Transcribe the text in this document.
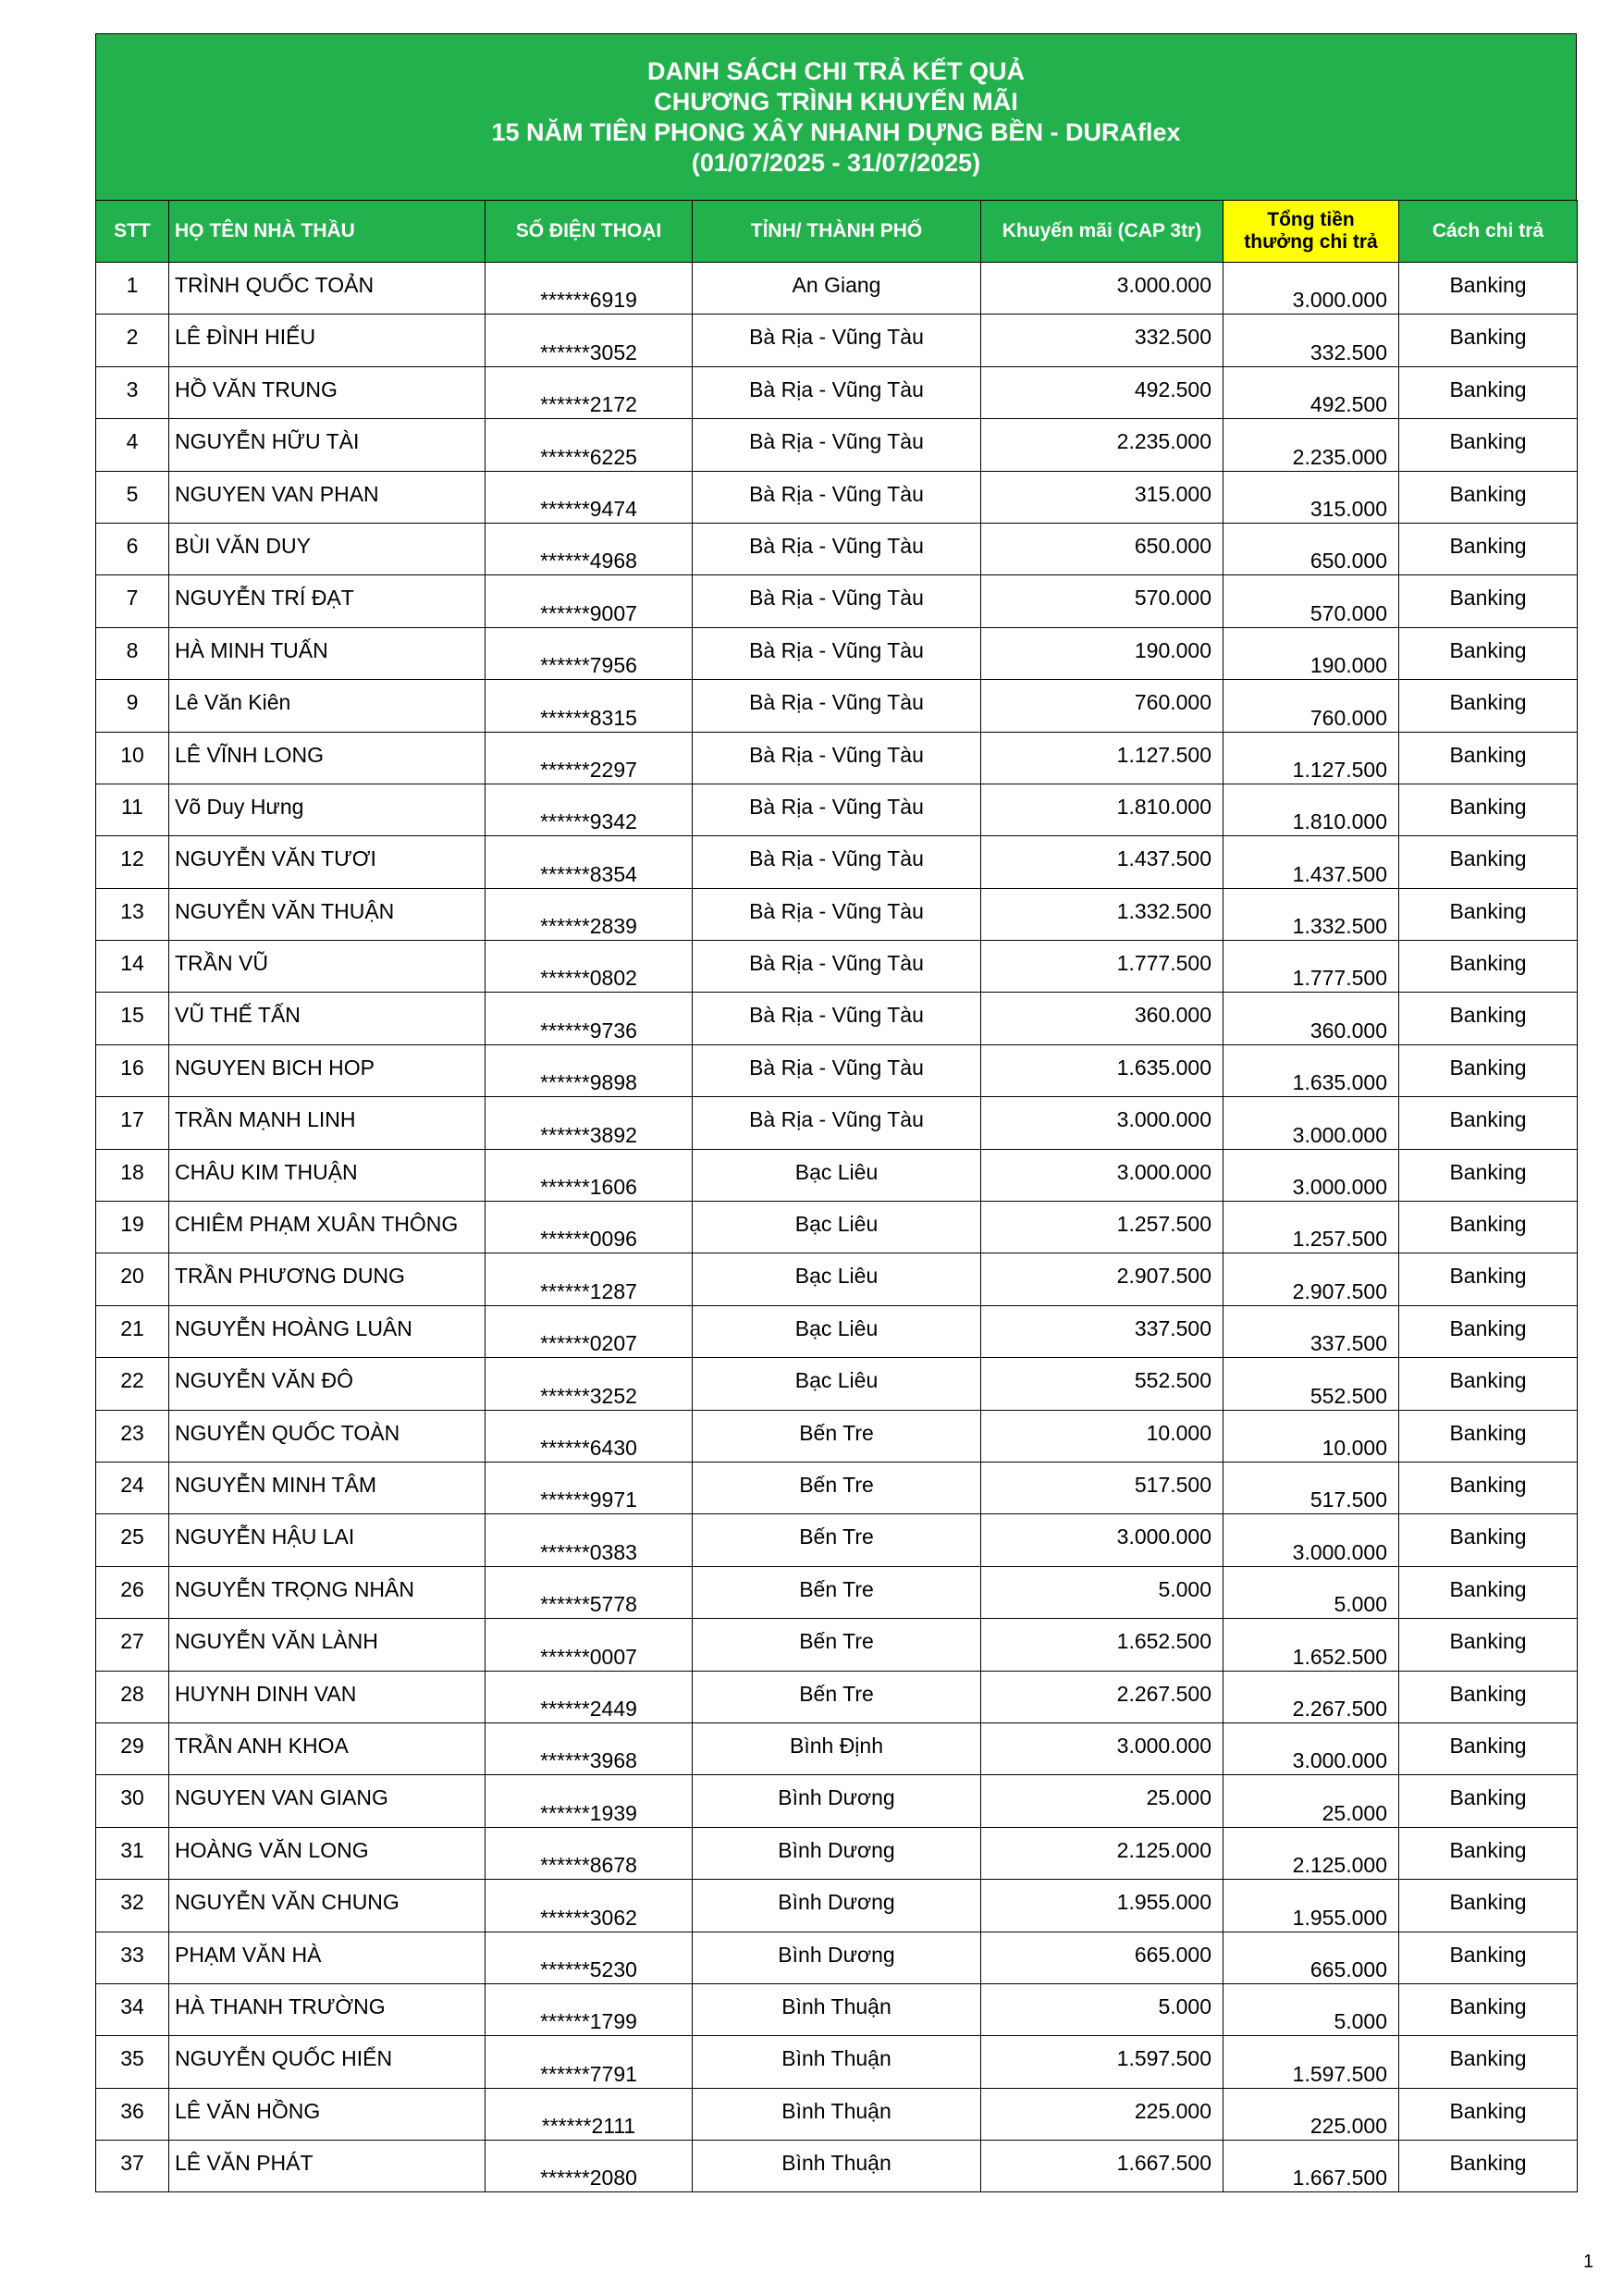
DANH SÁCH CHI TRẢ KẾT QUẢ
CHƯƠNG TRÌNH KHUYẾN MÃI
15 NĂM TIÊN PHONG XÂY NHANH DỰNG BỀN - DURAflex
(01/07/2025 - 31/07/2025)
STT	HỌ TÊN NHÀ THẦU	SỐ ĐIỆN THOẠI	TỈNH/ THÀNH PHỐ	Khuyến mãi (CAP 3tr)	Tổng tiền
thưởng chi trả	Cách chi trả
1	TRÌNH QUỐC TOẢN	******6919	An Giang	3.000.000	3.000.000	Banking
2	LÊ ĐÌNH HIẾU	******3052	Bà Rịa - Vũng Tàu	332.500	332.500	Banking
3	HỒ VĂN TRUNG	******2172	Bà Rịa - Vũng Tàu	492.500	492.500	Banking
4	NGUYỄN HỮU TÀI	******6225	Bà Rịa - Vũng Tàu	2.235.000	2.235.000	Banking
5	NGUYEN VAN PHAN	******9474	Bà Rịa - Vũng Tàu	315.000	315.000	Banking
6	BÙI VĂN DUY	******4968	Bà Rịa - Vũng Tàu	650.000	650.000	Banking
7	NGUYỄN TRÍ ĐẠT	******9007	Bà Rịa - Vũng Tàu	570.000	570.000	Banking
8	HÀ MINH TUẤN	******7956	Bà Rịa - Vũng Tàu	190.000	190.000	Banking
9	Lê Văn Kiên	******8315	Bà Rịa - Vũng Tàu	760.000	760.000	Banking
10	LÊ VĨNH LONG	******2297	Bà Rịa - Vũng Tàu	1.127.500	1.127.500	Banking
11	Võ Duy Hưng	******9342	Bà Rịa - Vũng Tàu	1.810.000	1.810.000	Banking
12	NGUYỄN VĂN TƯƠI	******8354	Bà Rịa - Vũng Tàu	1.437.500	1.437.500	Banking
13	NGUYỄN VĂN THUẬN	******2839	Bà Rịa - Vũng Tàu	1.332.500	1.332.500	Banking
14	TRẦN VŨ	******0802	Bà Rịa - Vũng Tàu	1.777.500	1.777.500	Banking
15	VŨ THẾ TẤN	******9736	Bà Rịa - Vũng Tàu	360.000	360.000	Banking
16	NGUYEN BICH HOP	******9898	Bà Rịa - Vũng Tàu	1.635.000	1.635.000	Banking
17	TRẦN MẠNH LINH	******3892	Bà Rịa - Vũng Tàu	3.000.000	3.000.000	Banking
18	CHÂU KIM THUẬN	******1606	Bạc Liêu	3.000.000	3.000.000	Banking
19	CHIÊM PHẠM XUÂN THÔNG	******0096	Bạc Liêu	1.257.500	1.257.500	Banking
20	TRẦN PHƯƠNG DUNG	******1287	Bạc Liêu	2.907.500	2.907.500	Banking
21	NGUYỄN HOÀNG LUÂN	******0207	Bạc Liêu	337.500	337.500	Banking
22	NGUYỄN VĂN ĐÔ	******3252	Bạc Liêu	552.500	552.500	Banking
23	NGUYỄN QUỐC TOÀN	******6430	Bến Tre	10.000	10.000	Banking
24	NGUYỄN MINH TÂM	******9971	Bến Tre	517.500	517.500	Banking
25	NGUYỄN HẬU LAI	******0383	Bến Tre	3.000.000	3.000.000	Banking
26	NGUYỄN TRỌNG NHÂN	******5778	Bến Tre	5.000	5.000	Banking
27	NGUYỄN VĂN LÀNH	******0007	Bến Tre	1.652.500	1.652.500	Banking
28	HUYNH DINH VAN	******2449	Bến Tre	2.267.500	2.267.500	Banking
29	TRẦN ANH KHOA	******3968	Bình Định	3.000.000	3.000.000	Banking
30	NGUYEN VAN GIANG	******1939	Bình Dương	25.000	25.000	Banking
31	HOÀNG VĂN LONG	******8678	Bình Dương	2.125.000	2.125.000	Banking
32	NGUYỄN VĂN CHUNG	******3062	Bình Dương	1.955.000	1.955.000	Banking
33	PHẠM VĂN HÀ	******5230	Bình Dương	665.000	665.000	Banking
34	HÀ THANH TRƯỜNG	******1799	Bình Thuận	5.000	5.000	Banking
35	NGUYỄN QUỐC HIỂN	******7791	Bình Thuận	1.597.500	1.597.500	Banking
36	LÊ VĂN HỒNG	******2111	Bình Thuận	225.000	225.000	Banking
37	LÊ VĂN PHÁT	******2080	Bình Thuận	1.667.500	1.667.500	Banking
1
